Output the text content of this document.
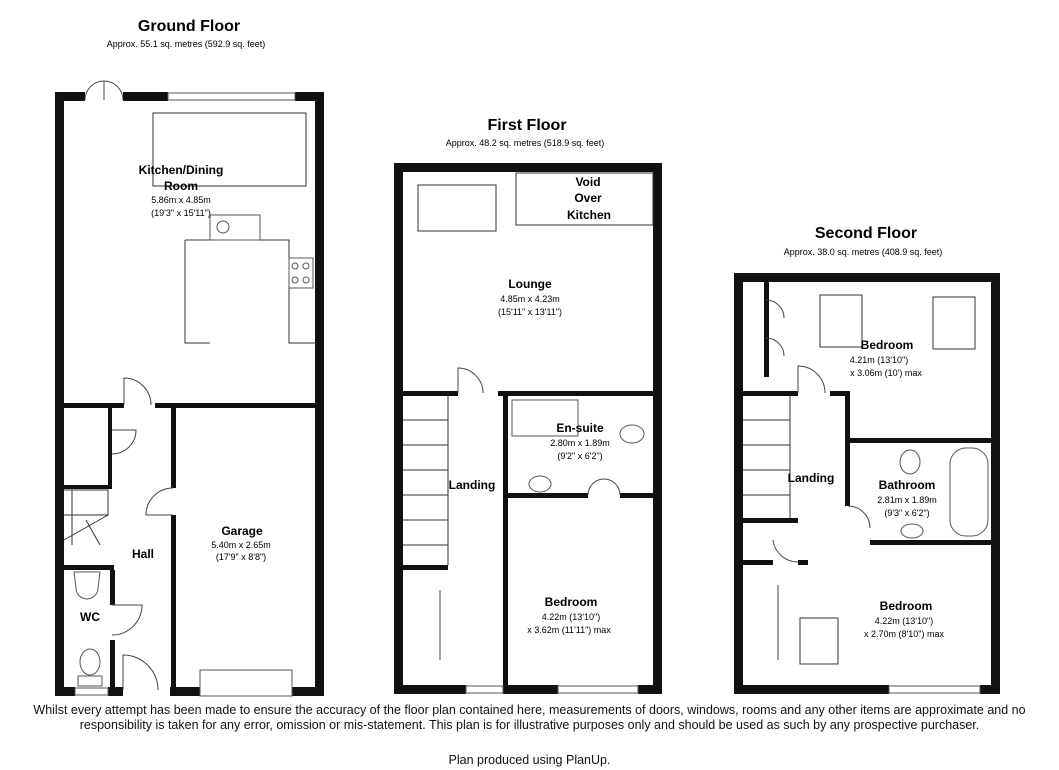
Ground Floor
Approx. 55.1 sq. metres (592.9 sq. feet)
Kitchen/Dining
Room
5.86m x 4.85m
(19'3" x 15'11")
Garage
5.40m x 2.65m
(17'9" x 8'8")
Hall
WC
First Floor
Approx. 48.2 sq. metres (518.9 sq. feet)
Void
Over
Kitchen
Lounge
4.85m x 4.23m
(15'11" x 13'11")
En-suite
2.80m x 1.89m
(9'2" x 6'2")
Landing
Bedroom
4.22m (13'10")
x 3.62m (11'11") max
Second Floor
Approx. 38.0 sq. metres (408.9 sq. feet)
Bedroom
4.21m (13'10")
x 3.06m (10') max
Landing	Bathroom
2.81m x 1.89m
(9'3" x 6'2")
Bedroom
4.22m (13'10")
x 2.70m (8'10") max
Whilst every attempt has been made to ensure the accuracy of the floor plan contained here, measurements of doors, windows, rooms and any other items are approximate and no responsibility is taken for any error, omission or mis-statement. This plan is for illustrative purposes only and should be used as such by any prospective purchaser.
Plan produced using PlanUp.
